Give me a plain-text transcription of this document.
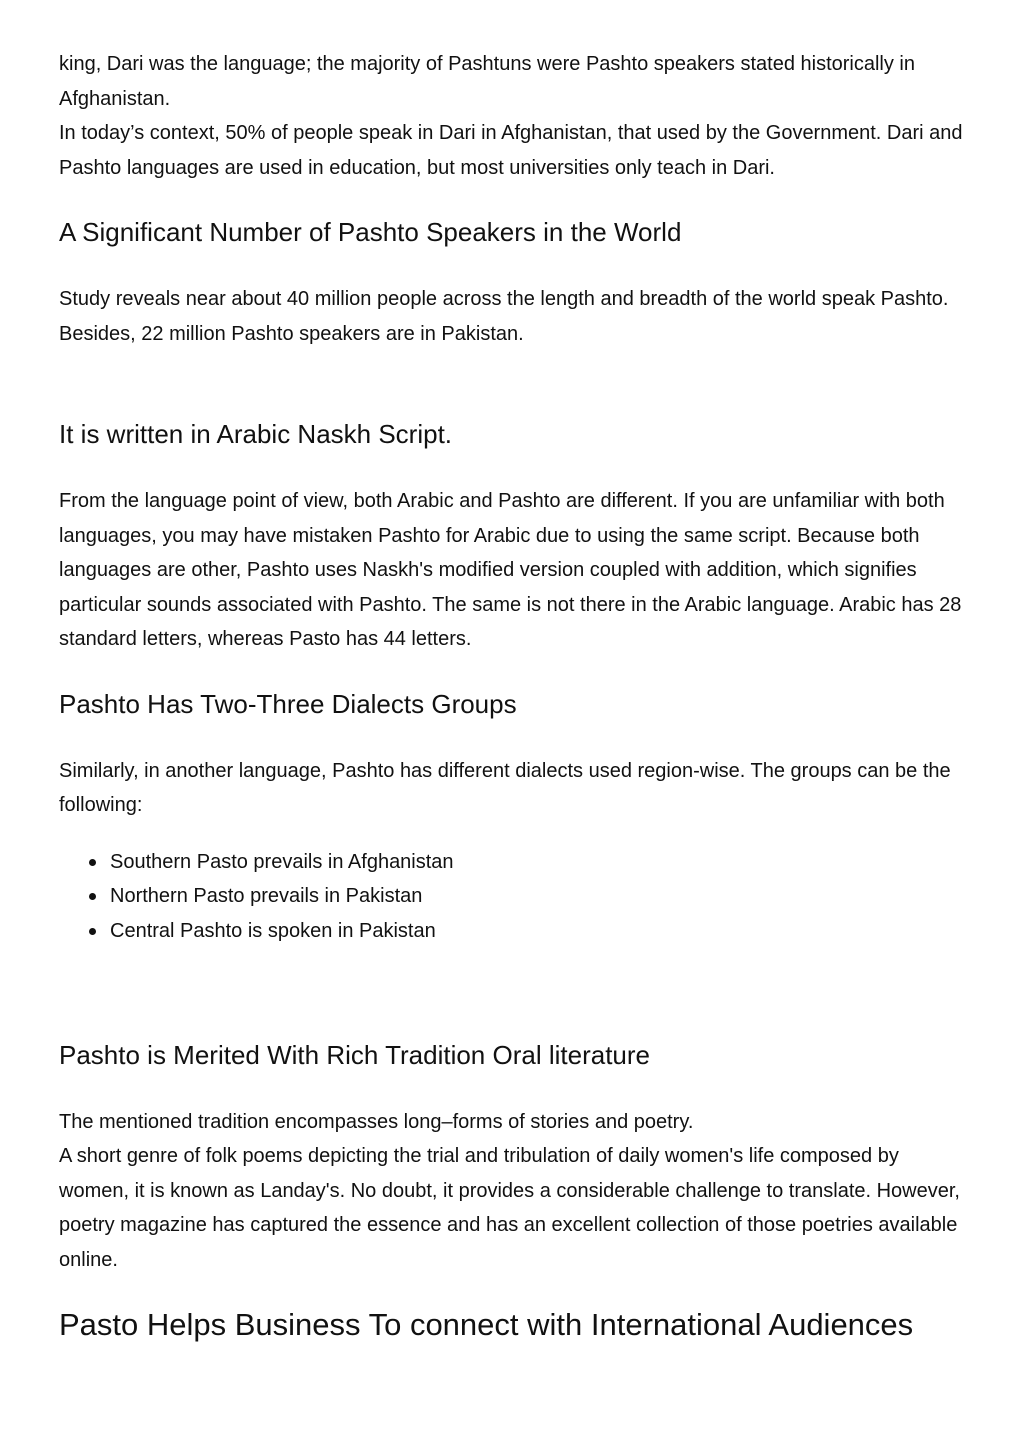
king, Dari was the language; the majority of Pashtuns were Pashto speakers stated historically in Afghanistan.

In today’s context, 50% of people speak in Dari in Afghanistan, that used by the Government. Dari and Pashto languages are used in education, but most universities only teach in Dari.

A Significant Number of Pashto Speakers in the World

Study reveals near about 40 million people across the length and breadth of the world speak Pashto. Besides, 22 million Pashto speakers are in Pakistan.

It is written in Arabic Naskh Script.

From the language point of view, both Arabic and Pashto are different. If you are unfamiliar with both languages, you may have mistaken Pashto for Arabic due to using the same script. Because both languages are other, Pashto uses Naskh's modified version coupled with addition, which signifies particular sounds associated with Pashto. The same is not there in the Arabic language. Arabic has 28 standard letters, whereas Pasto has 44 letters.

Pashto Has Two-Three Dialects Groups

Similarly, in another language, Pashto has different dialects used region-wise. The groups can be the following:

Southern Pasto prevails in Afghanistan
Northern Pasto prevails in Pakistan
Central Pashto is spoken in Pakistan
Pashto is Merited With Rich Tradition Oral literature

The mentioned tradition encompasses long–forms of stories and poetry.

A short genre of folk poems depicting the trial and tribulation of daily women's life composed by women, it is known as Landay's. No doubt, it provides a considerable challenge to translate. However, poetry magazine has captured the essence and has an excellent collection of those poetries available online.

Pasto Helps Business To connect with International Audiences
